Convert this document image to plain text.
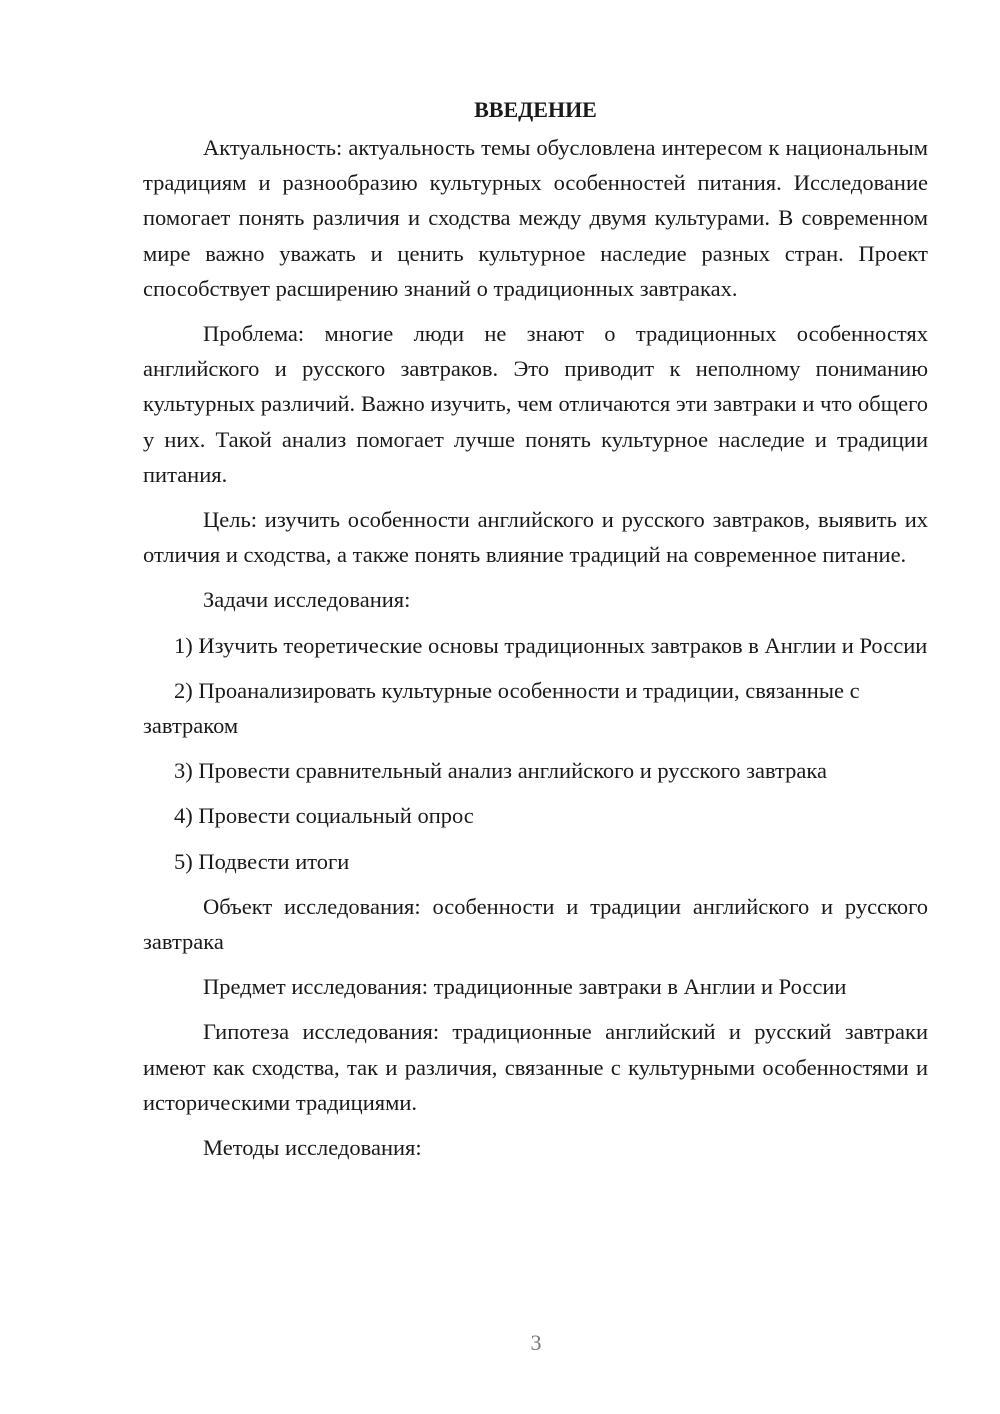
ВВЕДЕНИЕ

Актуальность: актуальность темы обусловлена интересом к национальным традициям и разнообразию культурных особенностей питания. Исследование помогает понять различия и сходства между двумя культурами. В современном мире важно уважать и ценить культурное наследие разных стран. Проект способствует расширению знаний о традиционных завтраках.

Проблема: многие люди не знают о традиционных особенностях английского и русского завтраков. Это приводит к неполному пониманию культурных различий. Важно изучить, чем отличаются эти завтраки и что общего у них. Такой анализ помогает лучше понять культурное наследие и традиции питания.

Цель: изучить особенности английского и русского завтраков, выявить их отличия и сходства, а также понять влияние традиций на современное питание.

Задачи исследования:

1) Изучить теоретические основы традиционных завтраков в Англии и России

2) Проанализировать культурные особенности и традиции, связанные с завтраком

3) Провести сравнительный анализ английского и русского завтрака

4) Провести социальный опрос

5) Подвести итоги

Объект исследования: особенности и традиции английского и русского завтрака

Предмет исследования: традиционные завтраки в Англии и России

Гипотеза исследования: традиционные английский и русский завтраки имеют как сходства, так и различия, связанные с культурными особенностями и историческими традициями.

Методы исследования:

3
